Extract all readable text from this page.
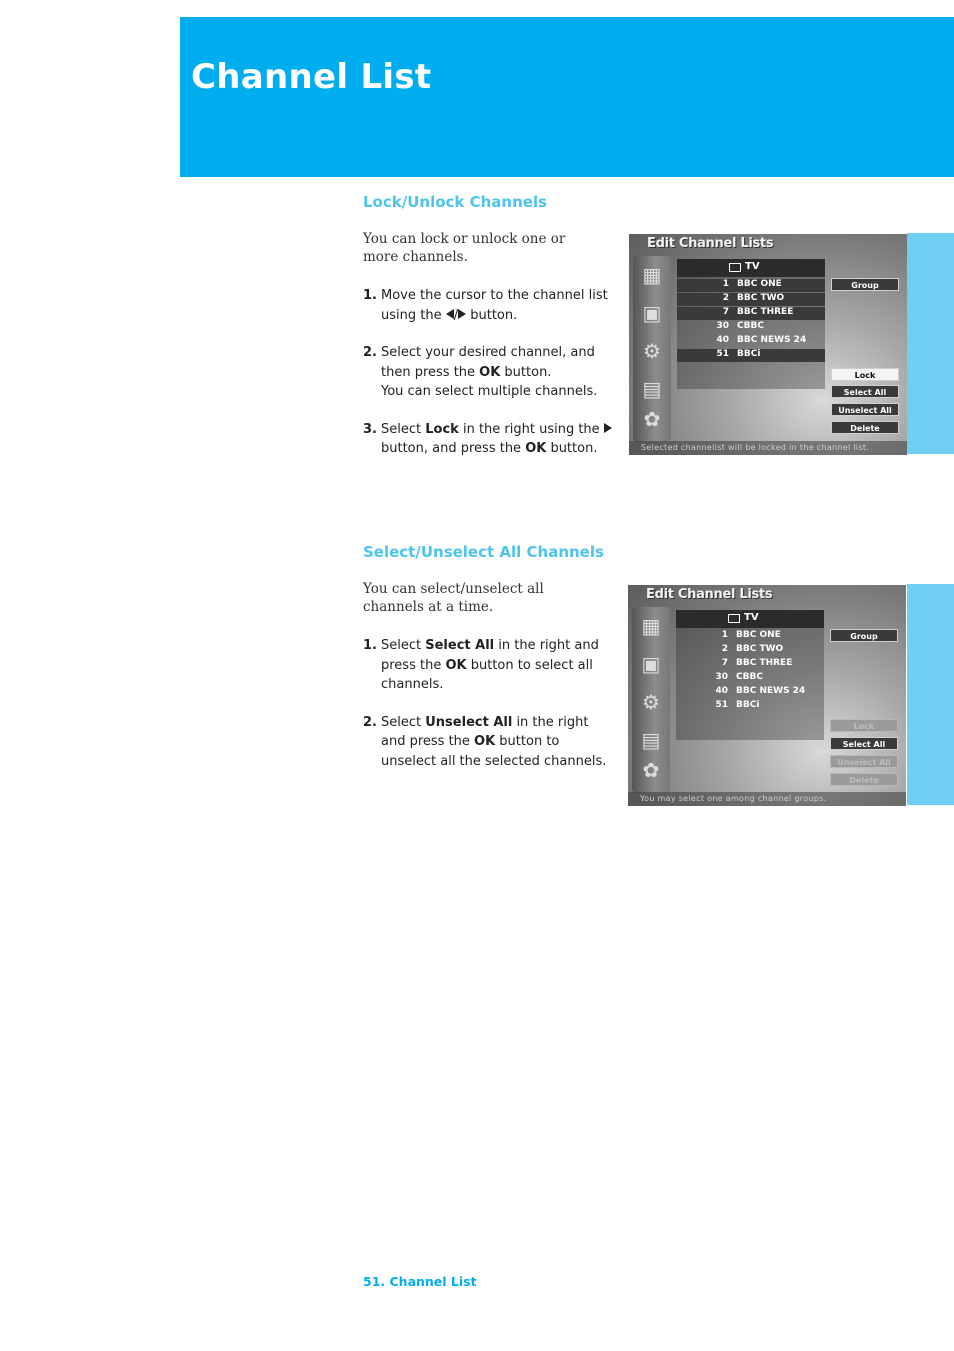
Channel List
Lock/Unlock Channels

You can lock or unlock one or more channels.

1. Move the cursor to the channel list using the / button.
2. Select your desired channel, and then press the OK button.
You can select multiple channels.
3. Select Lock in the right using the  button, and press the OK button.
Edit Channel Lists
▦
▣
⚙
▤
✿
TV
1 BBC ONE
2 BBC TWO
7 BBC THREE
30 CBBC
40 BBC NEWS 24
51 BBCi
Group
Lock
Select All
Unselect All
Delete
Selected channelist will be locked in the channel list.
Select/Unselect All Channels

You can select/unselect all channels at a time.

1. Select Select All in the right and press the OK button to select all channels.
2. Select Unselect All in the right and press the OK button to unselect all the selected channels.
Edit Channel Lists
▦
▣
⚙
▤
✿
TV
1 BBC ONE
2 BBC TWO
7 BBC THREE
30 CBBC
40 BBC NEWS 24
51 BBCi
Group
Lock
Select All
Unselect All
Delete
You may select one among channel groups.

51. Channel List
